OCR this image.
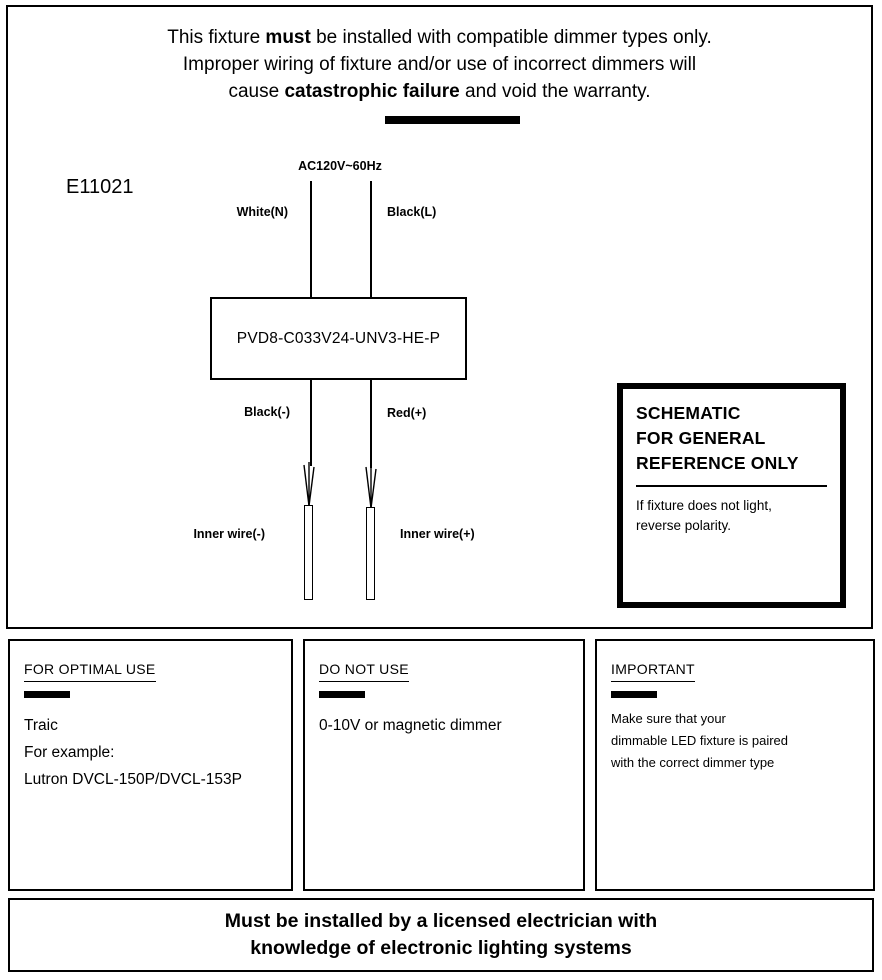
This fixture must be installed with compatible dimmer types only.
Improper wiring of fixture and/or use of incorrect dimmers will
cause catastrophic failure and void the warranty.
E11021
AC120V~60Hz
White(N)	Black(L)
PVD8-C033V24-UNV3-HE-P
Black(-)	Red(+)
Inner wire(-)	Inner wire(+)
SCHEMATIC
FOR GENERAL
REFERENCE ONLY
If fixture does not light,
reverse polarity.
FOR OPTIMAL USE
Traic
For example:
Lutron DVCL-150P/DVCL-153P
DO NOT USE
0-10V or magnetic dimmer
IMPORTANT
Make sure that your
dimmable LED fixture is paired
with the correct dimmer type
Must be installed by a licensed electrician with
knowledge of electronic lighting systems
